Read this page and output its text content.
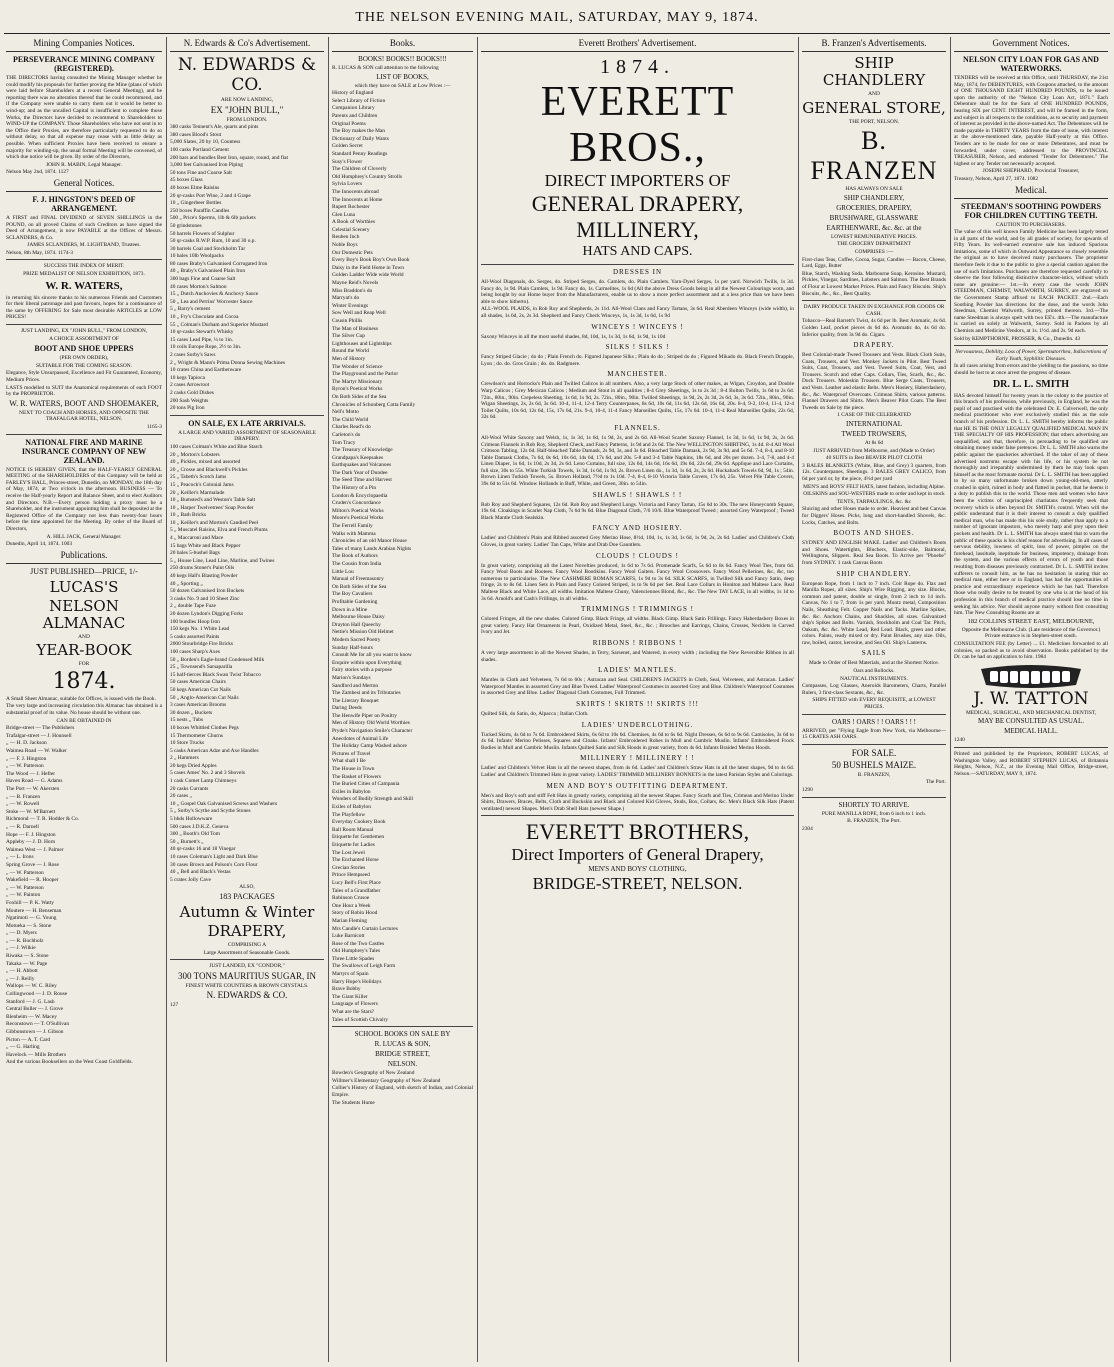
THE NELSON EVENING MAIL, SATURDAY, MAY 9, 1874.
Mining Companies Notices.
PERSEVERANCE MINING COMPANY (REGISTERED).

THE DIRECTORS having consulted the Mining Manager whether he could modify his proposals for further proving the Mine (plans of which were laid before Shareholders at a recent General Meeting), and he reporting there was no alteration thereof that he could recommend, and if the Company were unable to carry them out it would be better to wind-up; and as the uncalled Capital is insufficient to complete those Works, the Directors have decided to recommend to Shareholders to WIND-UP the COMPANY. Those Shareholders who have not sent in to the Office their Proxies, are therefore particularly requested to do so without delay, so that all expense may cease with as little delay as possible. When sufficient Proxies have been received to ensure a majority for winding-up, the usual formal Meeting will be convened, of which due notice will be given. By order of the Directors,

JOHN R. MABIN, Legal Manager.

Nelson May 2nd, 1874. 1127

General Notices.
F. J. HINGSTON'S DEED OF ARRANGEMENT.

A FIRST and FINAL DIVIDEND of SEVEN SHILLINGS in the POUND, on all proved Claims of such Creditors as have signed the Deed of Arrangement, is now PAYABLE at the Offices of Messrs. SCLANDERS, & Co.

JAMES SCLANDERS, M. LIGHTBAND, Trustees.

Nelson, 8th May, 1874. 1174-3

SUCCESS THE INDEX OF MERIT.

PRIZE MEDALIST OF NELSON EXHIBITION, 1873.

W. R. WATERS,

in returning his sincere thanks to his numerous Friends and Customers for their liberal patronage and past favours, hopes for a continuance of the same by OFFERING for Sale most desirable ARTICLES at LOW PRICES!

JUST LANDING, EX "JOHN BULL," FROM LONDON,

A CHOICE ASSORTMENT OF

BOOT AND SHOE UPPERS

(PER OWN ORDER),

SUITABLE FOR THE COMING SEASON.

Elegance, Style Unsurpassed, Excellence and Fit Guaranteed, Economy, Medium Prices.

LASTS modelled to SUIT the Anatomical requirements of each FOOT by the PROPRIETOR.

W. R. WATERS, BOOT AND SHOEMAKER,

NEXT TO COACH AND HORSES, AND OPPOSITE THE TRAFALGAR HOTEL, NELSON.

1165-3

NATIONAL FIRE AND MARINE INSURANCE COMPANY OF NEW ZEALAND.

NOTICE IS HEREBY GIVEN, that the HALF-YEARLY GENERAL MEETING of the SHAREHOLDERS of this Company will be held at FARLEY'S HALL, Princes-street, Dunedin, on MONDAY, the 18th day of May, 1874, at Two o'clock in the afternoon. BUSINESS — To receive the Half-yearly Report and Balance Sheet, and to elect Auditors and Directors. N.B.—Every person holding a proxy must be a Shareholder, and the instrument appointing him shall be deposited at the Registered Office of the Company not less than twenty-four hours before the time appointed for the Meeting. By order of the Board of Directors,

A. HILL JACK, General Manager.

Dunedin, April 14, 1874. 1003

Publications.

JUST PUBLISHED—PRICE, 1/-

LUCAS'S
NELSON ALMANAC

AND

YEAR-BOOK

FOR

1874.

A Small Sheet Almanac, suitable for Offices, is issued with the Book.

The very large and increasing circulation this Almanac has obtained is a substantial proof of its value. No house should be without one.

CAN BE OBTAINED IN

Bridge-street — The Publishers

Trafalgar-street — J. Hounsell

„ — H. D. Jackson

Waimea Road — W. Walker

„ — F. J. Hingston

„ — W. Patterson

The Wood — J. Hefter

Haven Road — G. Adams

The Port — W. Akersten

„ — B. Franzen

„ — W. Rowell

Stoke — W. M'Barnett

Richmond — T. R. Hodder & Co.

„ — R. Darnell

Hope — F. J. Hingston

Appleby — J. D. Horn

Waimea West — J. Palmer

„ — L. Irons

Spring Grove — J. Rose

„ — W. Patterson

Wakefield — R. Hooper

„ — W. Patterson

„ — W. Painton

Foxhill — P. K. Watty

Moutere — H. Benseman

Ngatimoti — G. Young

Motueka — S. Stone

„ — D. Myers

„ — R. Buchholz

„ — J. Wilkie

Riwaka — S. Stone

Takaka — W. Page

„ — H. Abbott

„ — J. Reilly

Wallops — W. C. Riley

Collingwood — J. D. Rouse

Stanford — J. G. Lash

Central Buller — J. Grove

Blenheim — W. Macey

Reconstown — T. O'Sullivan

Gibbonstown — J. Gibson

Picton — A. T. Card

„ — G. Harling

Havelock — Mills Brothers

And the various Booksellers on the West Coast Goldfields.

N. Edwards & Co's Advertisement.
N. EDWARDS & CO.

ARE NOW LANDING,

EX "JOHN BULL,"

FROM LONDON.

380 casks Tennent's Ale, quarts and pints

380 cases Blood's Stout

5,000 Slates, 20 by 10, Countess

100 casks Portland Cement

200 bars and bundles Best Iron, square, round, and flat

3,000 feet Galvanised Iron Piping

50 tons Fine and Coarse Salt

45 boxes Glass

40 boxes Elme Raisins

20 qr-casks Port Wine, 2 and 4 Grape

10 „ Gingerbeer Bottles

250 boxes Paraffin Candles

500 „ Price's Sperms, 1lb & 6lb packets

50 grindstones

50 barrels Flowers of Sulphur

50 qr-casks R.W.P. Rum, 10 and 30 o.p.

30 barrels Coal and Stockholm Tar

10 bales 10lb Woolpacks

80 cases Braby's Galvanised Corrugated Iron

40 „ Braby's Galvanised Plain Iron

300 bags Fine and Coarse Salt

40 cases Morton's Salmon

15 „ Dutch Anchovies & Anchovy Sauce

50 „ Lea and Perrins' Worcester Sauce

5 „ Barry's cement

10 „ Fry's Chocolate and Cocoa

55 „ Colman's Durham and Superior Mustard

10 qr-casks Stewart's Whisky

15 cases Lead Pipe, ¼ to 1in.

10 coils Europe Rope, 2½ to 3in.

2 cases Sorby's Saws

2 „ Wright & Mann's Prima Donna Sewing Machines

10 crates China and Earthenware

10 kegs Tapioca

2 cases Arrowroot

2 casks Gold Dishes

200 Sash Weights

20 tons Pig Iron

ON SALE, EX LATE ARRIVALS.

A LARGE AND VARIED ASSORTMENT OF SEASONABLE DRAPERY.

100 cases Colman's White and Blue Starch

20 „ Morton's Lobsters

40 „ Pickles, mixed and assorted

20 „ Crosse and Blackwell's Pickles

25 „ Tabeth's Scotch Jams

15 „ Peacock's Colonial Jams

20 „ Keiller's Marmalade

10 „ Bumsted's and Weston's Table Salt

10 „ Harper Twelvetrees' Soap Powder

10 „ Bath Bricks

10 „ Keiller's and Morton's Candied Peel

5 „ Muscatel Raisins, Elva and French Plums

4 „ Maccaroni and Mace

15 bags White and Black Pepper

20 bales 5-bushel Bags

5 „ House Line, Lead Line, Marline, and Twines

250 drums Stoner's Paint Oils

40 kegs Hall's Blasting Powder

40 „ Sporting „

50 dozen Galvanised Iron Buckets

3 casks No. 9 and 10 Sheet Zinc

2 „ double Tape Fuze

20 dozen Lyndon's Digging Forks

100 bundles Hoop Iron

150 kegs No. 1 White Lead

5 casks assorted Paints

2000 Stourbridge Fire Bricks

100 cases Sharp's Axes

50 „ Borden's Eagle-brand Condensed Milk

25 „ Townsend's Sarsaparilla

15 half-tierces Black Swan Twist Tobacco

50 cases American Chairs

50 kegs American Cut Nails

50 „ Anglo-American Cut Nails

3 cases American Brooms

30 dozen „ Buckets

15 nests „ Tubs

10 boxes Whittled Clothes Pegs

15 Thermometer Churns

10 Store Trucks

5 casks American Adze and Axe Handles

2 „ Hammers

20 kegs Dried Apples

5 cases Ames' No. 2 and 3 Shovels

1 cask Comet Lamp Chimneys

20 casks Currants

20 cases „

10 „ Gospel Oak Galvanised Screws and Washers

5 „ Sorby's Scythe and Scythe Stones

5 hhds Hollowware

500 cases J.D.K.Z. Geneva

300 „ Booth's Old Tom

50 „ Burnett's „

40 qr-casks 16 and 18 Vinegar

10 cases Coleman's Light and Dark Blue

30 cases Brown and Polson's Corn Flour

40 „ Bell and Black's Vestas

5 crates Jolly Cave

ALSO,

183 PACKAGES

Autumn & Winter
DRAPERY,

COMPRISING A

Large Assortment of Seasonable Goods.

JUST LANDED, EX "CONDOR,"

300 TONS MAURITIUS SUGAR, IN

FINEST WHITE COUNTERS & BROWN CRYSTALS.

N. EDWARDS & CO.

127

Books.

BOOKS! BOOKS!! BOOKS!!!

R. LUCAS & SON call attention to the following

LIST OF BOOKS,

which they have on SALE at Low Prices :—

History of England

Select Library of Fiction

Companion Library

Parents and Children

Original Poems

The Boy makes the Man

Dictionary of Daily Wants

Golden Secret

Standard Penny Readings

Susy's Flower

The Children of Cloverly

Old Humphrey's Country Strolls

Sylvia Lovers

The Innocents abroad

The Innocents at Home

Rupert Rochester

Glen Luna

A Book of Worthies

Celestial Scenery

Reuben Inch

Noble Boys

Our Domestic Pets

Every Boy's Book Boy's Own Book

Daisy in the Field Home in Town

Golden Ladder Wide wide World

Mayne Reid's Novels

Miss Braddon's do

Marryat's do

Winter Evenings

Sow Well and Reap Well

Cousin Phillis

The Man of Business

The Silver Cup

Lighthouses and Lightships

Round the World

Men of History

The Wonder of Science

The Playground and the Parlor

The Martyr Missionary

Byron's Poetical Works

On Both Sides of the Sea

Chronicles of Schonberg Cotta Family

Nell's Motto

The Child World

Charles Read's do

Carleton's do

Tom Tracy

The Treasury of Knowledge

Grandpapa's Keepsakes

Earthquakes and Volcanoes

The Dark Year of Dundee

The Seed Time and Harvest

The History of a Pin

London & Encyclopaedia

Cruden's Concordance

Milton's Poetical Works

Moore's Poetical Works

The Ferrell Family

Walks with Mamma

Chronicles of an old Manor House

Tales of many Lands Arabian Nights

The Book of Authors

The Cousin from India

Little Lou

Manual of Freemasonry

On Both Sides of the Sea

The Boy Cavaliers

Profitable Gardening

Down in a Mine

Melbourne House Daisy

Drayton Hall Queechy

Nettie's Mission Old Helmet

Modern Sacred Poetry

Sunday Half-hours

Consult Me for all you want to know

Enquire within upon Everything

Fairy stories with a purpose

Marion's Sundays

Sandford and Merton

The Zambesi and its Tributaries

The Literary Bouquet

Daring Deeds

The Henwife Piper on Poultry

Men of History Old World Worthies

Pryde's Navigation Smile's Character

Anecdotes of Animal Life

The Holiday Camp Washed ashore

Pictures of Travel

What shall I Be

The House in Town

The Basket of Flowers

The Buried Cities of Campania

Exiles in Babylon

Wonders of Bodily Strength and Skill

Exiles of Babylon

The Playfellow

Everyday Cookery Book

Ball Room Manual

Etiquette for Gentlemen

Etiquette for Ladies

The Lost Jewel

The Enchanted Horse

Grecian Stories

Prince Hempseed

Lucy Bell's First Place

Tales of a Grandfather

Robinson Crusoe

One Hour a Week

Story of Robin Hood

Marian Fleming

Mrs Candle's Curtain Lectures

Luke Barnicott

Rose of the Two Castles

Old Humphrey's Tales

Three Little Spades

The Swallows of Leigh Farm

Martyrs of Spain

Harry Hope's Holidays

Brave Bobby

The Giant Killer

Language of Flowers

What are the Stars?

Tales of Scottish Chivalry

SCHOOL BOOKS ON SALE BY

R. LUCAS & SON,

BRIDGE STREET,

NELSON.

Bowden's Geography of New Zealand

Willmer's Elementary Geography of New Zealand

Collier's History of England, with sketch of Indian, and Colonial Empire.

The Students Hume

Everett Brothers' Advertisement.
1874.
EVERETT BROS.,
DIRECT IMPORTERS OF
GENERAL DRAPERY, MILLINERY,
HATS AND CAPS.
DRESSES IN

All-Wool Diagonals, do. Serges, do. Striped Serges, do. Camlets, do. Plain Camlets. Yarn-Dyed Serges, 1s per yard. Norwich Twills, 1s 3d. Fancy do, 1s 9d. Plain Camlets, 1s 9d. Fancy do, 1s. Carmelites, 1s 6d (All the above Dress Goods being in all the Newest Colourings worn, and being bought by our Home buyer from the Manufacturers, enable us to show a more perfect assortment and at a less price than we have been able to show hitherto).

ALL-WOOL PLAIDS, in Rob Roy and Shepherds, 2s 11d. All-Wool Clans and Fancy Tartans, 3s 6d. Real Aberdeen Winceys (wide width), in all shades, 1s 6d, 2s, 2s 3d. Shepherd and Fancy Check Winceys, 1s, 1s 3d, 1s 6d, 1s 9d

WINCEYS ! WINCEYS !

Saxony Winceys in all the most useful shades, 8d, 10d, 1s, 1s 3d, 1s 6d, 1s 9d, 1s 10d

SILKS ! SILKS !

Fancy Striped Glacie ; do do ; Plain French do. Figured Japanese Silks ; Plain do do ; Striped do do ; Figured Mikado do. Black French Drapple, Lyon ; do. do. Gros Grain ; do. do. Radgmere.

MANCHESTER.

Crewdson's and Horrocks's Plain and Twilled Calicos in all numbers. Also, a very large Stock of other makes, as Wigan, Croydon, and Double Warp Calicos ; Grey Mexican Calicos ; Medium and Stout in all qualities ; 8-4 Grey Sheetings, 1s to 2s 3d ; 8-4 Bolton Twills, 1s 6d to 2s 6d. 72in., 80in., 90in. Crepeless Sheeting, 1s 6d, 1s 9d, 2s. 72in., 80in., 90in. Twilled Sheetings, 1s 9d, 2s, 2s 3d, 2s 6d, 3s, 3s 6d. 72in., 80in., 90in. Wigan Sheetings, 2s, 2s 6d, 3s 6d. 10-4, 11-4, 12-4 Terry Counterpanes, 8s 6d, 10s 6d, 11s 6d, 12s 6d, 16s 6d, 20s. 8-4, 9-2, 10-4, 11-4, 12-4 Toilet Quilts, 10s 6d, 12s 6d, 15s, 17s 6d, 21s. 9-4, 10-4, 11-4 Fancy Marseilles Quilts, 15s, 17s 6d. 10-4, 11-4 Real Marseilles Quilts, 22s 6d, 32s 6d.

FLANNELS.

All-Wool White Saxony and Welsh, 1s, 1s 3d, 1s 6d, 1s 9d, 2s, and 2s 6d. All-Wool Scarlet Saxony Flannel, 1s 3d, 1s 6d, 1s 9d, 2s, 2s 6d. Crimean Flannels in Rob Roy, Shepherd Check, and Fancy Patterns, 1s 9d and 2s 6d. The New WELLINGTON SHIRTING, 1s 4d. 8-4 All Wool Crimson Tabling, 12s 6d. Half-bleached Table Damask, 2s 9d, 3s, and 3s 6d. Bleached Table Damask, 2s 9d, 3s 9d, and 5s 6d. 7-4, 8-4, and 8-10 Table Damask Cloths, 7s 6d, 8s 6d, 10s 6d, 14s 6d, 17s 6d, and 20s. 5-8 and 3-4 Table Napkins, 18s 6d, and 20s per dozen. 3-4, 7-8, and 4-4 Linen Diaper, 1s 6d, 1s 10d, 2s 3d, 2s 6d. Leno Curtains, full size, 12s 6d, 14s 6d, 16s 6d, 19s 6d, 22s 6d, 29s 6d. Applique and Lace Curtains, full size, 30s to 55s. White Turkish Towels, 1s 3d, 1s 6d, 1s 9d, 2s. Brown Linen do., 1s 3d, 1s 6d, 2s, 2s 6d. Huckaback Towels 6d, 9d, 1s ; 54in. Brown Linen Turkish Towels, 5s. Brown Holland, 7½d to 1s 10d. 7-4, 8-4, 8-10 Victoria Table Covers, 17s 6d, 25s. Velvet Pile Table Covers, 39s 6d to 51s 6d. Window Hollands in Buff, White, and Green, 30in. to 54in.

SHAWLS ! SHAWLS ! !

Rob Roy and Shepherd Squares, 12s 6d. Rob Roy and Shepherd Longs. Victoria and Fancy Tartan, 15s 6d to 30s. The new Honeycomb Square, 19s 6d. Cloakings in Scarlet Nap Cloth, 7s 6d 9s 6d. Blue Diagonal Cloth, 7/6 10/6. Blue Waterproof Tweed ; assorted Grey Waterproof ; Tweed Black Mantle Cloth Sealskin.

FANCY AND HOSIERY.

Ladies' and Children's Plain and Ribbed assorted Grey Merino Hose, 8½d, 10d, 1s, 1s 3d, 1s 6d, 1s 9d, 2s, 2s 6d. Ladies' and Children's Cloth Gloves, in great variety. Ladies' Tan Caps, White and Drab Doe Gauntlets.

CLOUDS ! CLOUDS !

In great variety, comprising all the Latest Novelties produced, 1s 6d to 7s 6d. Promenade Scarfs, 5s 6d to 8s 6d. Fancy Wool Ties, from 6d. Fancy Wool Boots and Bootees. Fancy Wool Bootikins. Fancy Wool Gaiters. Fancy Wool Crossovers. Fancy Wool Pellerines, &c, &c, too numerous to particularise. The New CASHMERE ROMAN SCARFS, 1s 9d to 3s 6d. SILK SCARFS, in Twilled Silk and Fancy Satin, deep fringe, 2s to 8s 6d. Linen Sets in Plain and Fancy Colored Striped, 1s to 9s 6d per Set. Real Lace Collars in Honiton and Maltese Lace. Real Maltese Black and White Lace, all widths. Imitation Maltese Chuny, Valenciennes Blond, &c., &c. The New TAY LACE, in all widths, 1s 1d to 3s 6d. Arnold's and Cash's Frillings, in all widths.

TRIMMINGS ! TRIMMINGS !

Colored Fringes, all the new shades. Colored Gimp. Black Fringe, all widths. Black Gimp. Black Satin Frillings. Fancy Haberdashery Boxes in great variety. Fancy Hat Ornaments in Pearl, Oxidized Metal, Steel, &c., &c. ; Brooches and Earrings, Chains, Crosses, Necklets in Carved Ivory and Jet.

RIBBONS ! RIBBONS !

A very large assortment in all the Newest Shades, in Terry, Sarsenet, and Watered, in every width ; including the New Reversible Ribbon in all shades.

LADIES' MANTLES.

Mantles in Cloth and Velveteen, 7s 6d to 60s ; Astracan and Seal. CHILDREN'S JACKETS in Cloth, Seal, Velveteen, and Astracan. Ladies' Waterproof Mantles in assorted Grey and Blue Tweed. Ladies' Waterproof Costumes in assorted Grey and Blue. Children's Waterproof Costumes in assorted Grey and Blue. Ladies' Diagonal Cloth Costumes, Full Trimmed.

SKIRTS ! SKIRTS !! SKIRTS !!!

Quilted Silk, do Satin, do, Alpacca ; Italian Cloth.

LADIES' UNDERCLOTHING.

Tucked Skirts, 4s 6d to 7s 6d. Embroidered Skirts, 6s 6d to 10s 6d. Chemises, 4s 6d to 6s 6d. Night Dresses, 6s 6d to 9s 6d. Camisoles, 3s 6d to 4s 6d. Infants' Merino Pelisses, Squares and Cloaks. Infants' Embroidered Robes in Mull and Cambric Muslin. Infants' Embroidered Frock Bodies in Mull and Cambric Muslin. Infants Quilted Satin and Silk Hoods in great variety, from 4s 6d. Infants Braided Merino Hoods.

MILLINERY ! MILLINERY ! !

Ladies' and Children's Velvet Hats in all the newest shapes, from 4s 6d. Ladies' and Children's Straw Hats in all the latest shapes, 9d to 4s 6d. Ladies' and Children's Trimmed Hats in great variety. LADIES' TRIMMED MILLINERY BONNETS in the latest Parisian Styles and Colorings.

MEN AND BOY'S OUTFITTING DEPARTMENT.

Men's and Boy's soft and stiff Felt Hats in greatly variety, comprising all the newest Shapes. Fancy Scarfs and Ties, Crimean and Merino Under Shirts, Drawers, Braces, Belts, Cloth and Buckskin and Black and Colored Kid Gloves, Studs, Box, Collars, &c. Men's Black Silk Hats (Patent ventilated) newest Shapes. Men's Drab Shell Hats (newest Shape.)

EVERETT BROTHERS,
Direct Importers of General Drapery,
MEN'S AND BOYS' CLOTHING,
BRIDGE-STREET, NELSON.
B. Franzen's Advertisements.
SHIP CHANDLERY

AND

GENERAL STORE,

THE PORT, NELSON.

B. FRANZEN

HAS ALWAYS ON SALE

SHIP CHANDLERY,

GROCERIES, DRAPERY,

BRUSHWARE, GLASSWARE

EARTHENWARE, &c. &c. at the

LOWEST REMUNERATIVE PRICES.

THE GROCERY DEPARTMENT

COMPRISES :—

First-class Teas, Coffee, Cocoa, Sugar, Candles — Bacon, Cheese, Lard, Eggs, Butter

Blue, Starch, Washing Soda. Marbourne Soap, Kerosine. Mustard, Pickles, Vinegar, Sardines, Lobsters and Salmon. The Best Brands of Flour at Lowest Market Prices. Plain and Fancy Biscuits. Ship's Biscuits, &c., &c., Best Quality.

DAIRY PRODUCE TAKEN IN EXCHANGE FOR GOODS OR CASH.

Tobacco—Real Barrett's Twist, 4s 6d per lb. Best Aromatic, 4s 6d. Golden Leaf, pocket pieces 4s 6d do. Aromatic do, 4s 6d do. Inferior quality, from 3s 9d do. Cigars.

DRAPERY.

Best Colonial-made Tweed Trousers and Vests. Black Cloth Suits, Coats, Trousers, and Vest. Monkey Jackets in Pilot. Best Tweed Suits, Coat, Trousers, and Vest. Tweed Suits, Coat, Vest, and Trousers. Scotch and other Caps. Collars, Ties, Scarfs, &c., &c. Duck Trousers. Moleskin Trousers. Blue Serge Coats, Trousers, and Vests. Leather and elastic Belts. Men's Hosiery, Haberdashery, &c., &c. Waterproof Overcoats. Crimean Shirts, various patterns. Flannel Drawers and Shirts. Men's Beaver Pilot Coats. The Best Tweeds on Sale by the piece.

1 CASE OF THE CELEBRATED

INTERNATIONAL

TWEED TROWSERS,

At 8s 6d

JUST ARRIVED from Melbourne, and (Made to Order)

40 SUITS in Best BEAVER PILOT CLOTH

3 BALES BLANKETS (White, Blue, and Grey) 3 quarters, from 12s. Counterpanes, Sheetings. 3 BALES GREY CALICO, from 6d per yard or, by the piece, 4½d per yard

MEN'S and BOYS' FELT HATS, latest fashion, including Alpine.

OILSKINS and SOU-WESTERS made to order and kept in stock

TENTS, TARPAULINGS, &c. &c

Sluicing and other Hoses made to order. Heaviest and best Canvas for Diggers' Hoses. Picks, long and short-handled Shovels, &c. Locks, Catches, and Bolts.

BOOTS AND SHOES.

SYDNEY AND ENGLISH MAKE. Ladies' and Children's Boots and Shoes. Watertights, Bluchers, Elastic-side, Balmoral, Wellingtons, Slippers. Real Sea Boots. To Arrive per "Phoebe" from SYDNEY. 1 cask Canvas Boots

SHIP CHANDLERY.

European Rope, from 1 inch to 7 inch. Coir Rope do. Flax and Manilla Ropes, all sizes. Ship's Wire Rigging, any size. Blocks, common and patent, double or single, from 2 inch to 14 inch. Canvas, No 1 to 7, from 1s per yard. Muntz metal, Composition Nails, Sheathing Felt. Copper Nails and Tacks. Marline Spikes, &c. &c. Anchors Chains, and Shackles, all sizes. Galvanized ship's Spikes and Bolts. Varnish, Stockholm and Coal Tar. Pitch, Oakum, &c. &c. White Lead, Red Lead. Black, green and other colors. Paints, ready mixed or dry. Paint Brushes, any size. Oils, raw, boiled, castor, kerosine, and Sea Oil. Ship's Lanterns.

SAILS

Made to Order of Best Materials, and at the Shortest Notice.

Oars and Rollocks.

NAUTICAL INSTRUMENTS.

Compasses, Log Glasses, Aneroids Barometers, Charts, Parallel Rulers, 3 first-class Sextants, &c., &c.

SHIPS FITTED with EVERY REQUISITE, at LOWEST PRICES.

OARS ! OARS ! ! OARS ! ! !

ARRIVED, per "Flying Eagle from New York, via Melbourne— 15 CRATES ASH OARS.

FOR SALE.

50 BUSHELS MAIZE.

B. FRANZEN,

The Port.

1290

SHORTLY TO ARRIVE.

PURE MANILLA ROPE, from 6 inch to 1 inch.

B. FRANZEN, The Port.

2304

Government Notices.
NELSON CITY LOAN FOR GAS AND WATERWORKS.

TENDERS will be received at this Office, until THURSDAY, the 21st May, 1874, for DEBENTURES, with Coupons attached, to the amount of ONE THOUSAND EIGHT HUNDRED POUNDS, to be issued upon the authority of the "Nelson City Loan Act, 1871." Each Debenture shall be for the Sum of ONE HUNDRED POUNDS, bearing SIX per CENT. INTEREST, and will be framed in the form, and subject in all respects to the conditions, as to security and payment of interest as provided in the above-named Act. The Debentures will be made payable in THIRTY YEARS from the date of issue, with interest at the above-mentioned date, payable Half-yearly at this Office. Tenders are to be made for one or more Debentures, and must be forwarded, under cover, addressed to the PROVINCIAL TREASURER, Nelson, and endorsed "Tender for Debentures." The highest or any Tender not necessarily accepted.

JOSEPH SHEPHARD, Provincial Treasurer,

Treasury, Nelson, April 27, 1874. 1082

Medical.
STEEDMAN'S SOOTHING POWDERS FOR CHILDREN CUTTING TEETH.

CAUTION TO PURCHASERS.

The value of this well known Family Medicine has been largely tested in all parts of the world, and by all grades of society, for upwards of Fifty Years. Its well-earned extensive sale has induced Spurious Imitations, some of which in Outward Appearance so closely resemble the original as to have deceived many purchasers. The proprietor therefore feels it due to the public to give a special caution against the use of such Imitations. Purchasers are therefore requested carefully to observe the four following distinctive character-istics, without which none are genuine:— 1st.—In every case the words JOHN STEEDMAN, CHEMIST, WALWORTH, SURREY, are engraved on the Government Stamp affixed to EACH PACKET. 2nd.—Each Soothing Powder has directions for the dose, and the words John Steedman, Chemist Walworth, Surrey, printed thereon. 3rd.—The name Steedman is always spelt with two EE's. 4th.—The manufacture is carried on solely at Walworth, Surrey. Sold in Packets by all Chemists and Medicine Vendors, at 1s. 1½d. and 2s. 9d each.

Sold by KEMPTHORNE, PROSSER, & Co., Dunedin. 43

Nervousness, Debility, Loss of Power, Spermatorrhea, Indiscretions of Early Youth, Syphilitic Diseases.

In all cases arising from errors and the yielding to the passions, no time should be lost to at once arrest the progress of disease.

DR. L. L. SMITH

HAS devoted himself for twenty years in the colony to the practice of this branch of his profession, while previously, in England, he was the pupil of and practised with the celebrated Dr. E. Culverwell, the only medical practitioner who ever exclusively studied this as the sole branch of his profession. Dr. L. L. SMITH hereby informs the public that HE IS THE ONLY LEGALLY QUALIFIED MEDICAL MAN IN THE SPECIALTY OF HIS PROFESSION; that others advertising are unqualified, and that, therefore, in persuading to be qualified are obtaining money under false pretences. Dr L. L. SMITH also warns the public against the quackeries advertised. If the taker of any of these advertised nostrums escape with his life, or his system be not thoroughly and irreparably undermined by them he may look upon himself as the most fortunate mortal. Dr L. L. SMITH has been applied to by so many unfortunate broken down young-old-men, utterly crushed in spirit, ruined in body and flatted in pocket, that he deems it a duty to publish this to the world. Those men and women who have been the victims of unprincipled charlatans frequently seek that recovery which is often beyond Dr. SMITH's control. When will the public understand that it is their interest to consult a duly qualified medical man, who has made this his sole study, rather than apply to a number of ignorant impostors, who merely harp and prey upon their pockets and health. Dr L. L. SMITH has always stated that to warn the public of these quacks is his chief reason for advertising. In all cases of nervous debility, lowness of spirit, loss of power, pimples on the forehead, lassitude, ineptitude for business, impotency, drainage from the system, and the various effects of errors of youth and those resulting from diseases previously contracted. Dr L. L. SMITH invites sufferers to consult him, as he has no hesitation in stating that no medical man, either here or in England, has had the opportunities of practice and extraordinary experience which he has had. Therefore those who really desire to be treated by one who is at the head of his profession in this branch of medical practice should lose no time in seeking his advice. Nor should anyone marry without first consulting him. The New Consulting Rooms are at

182 COLLINS STREET EAST, MELBOURNE,

Opposite the Melbourne Club. (Late residence of the Governor.) Private entrance is in Stephen-street south.

CONSULTATION FEE (by Letter) ... £1. Medicines forwarded to all colonies, so packed as to avoid observation. Books published by the Dr. can be had on application to him. 1984

J. W. TATTON

MEDICAL, SURGICAL, AND MECHANICAL DENTIST,

MAY BE CONSULTED AS USUAL.

MEDICAL HALL.

1240

Printed and published by the Proprietors, ROBERT LUCAS, of Washington Valley, and ROBERT STEPHEN LUCAS, of Britannia Heights, Nelson, N.Z., at the Evening Mail Office, Bridge-street, Nelson.—SATURDAY, MAY 9, 1874.
